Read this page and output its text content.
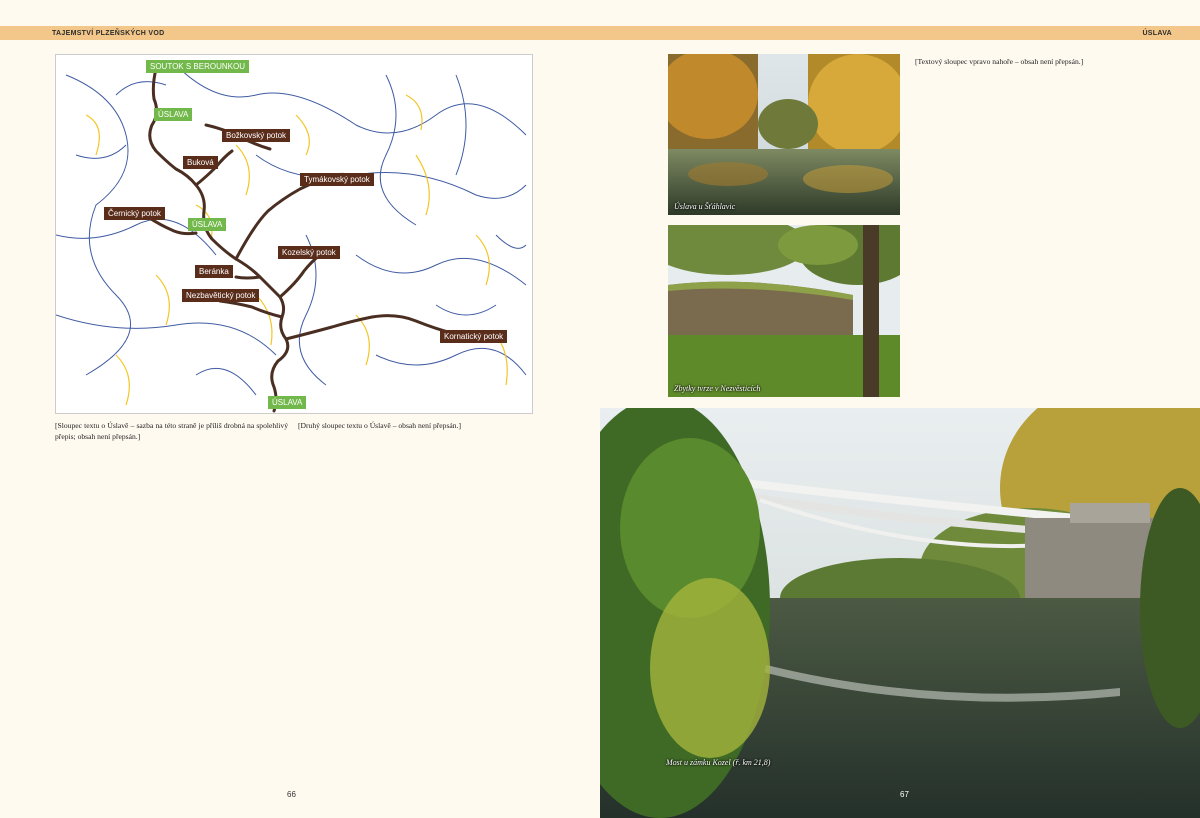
TAJEMSTVÍ PLZEŇSKÝCH VOD
SOUTOK S BEROUNKOU
ÚSLAVA
Božkovský potok
Buková
Tymákovský potok
Černický potok
ÚSLAVA
Kozelský potok
Beránka
Nezbavětický potok
Kornatický potok
ÚSLAVA
[Sloupec textu o Úslavě – sazba na této straně je příliš drobná na spolehlivý přepis; obsah není přepsán.]
[Druhý sloupec textu o Úslavě – obsah není přepsán.]
66
ÚSLAVA
Úslava u Šťáhlavic
Zbytky tvrze v Nezvěsticích
[Textový sloupec vpravo nahoře – obsah není přepsán.]
Most u zámku Kozel (ř. km 21,8)
67
